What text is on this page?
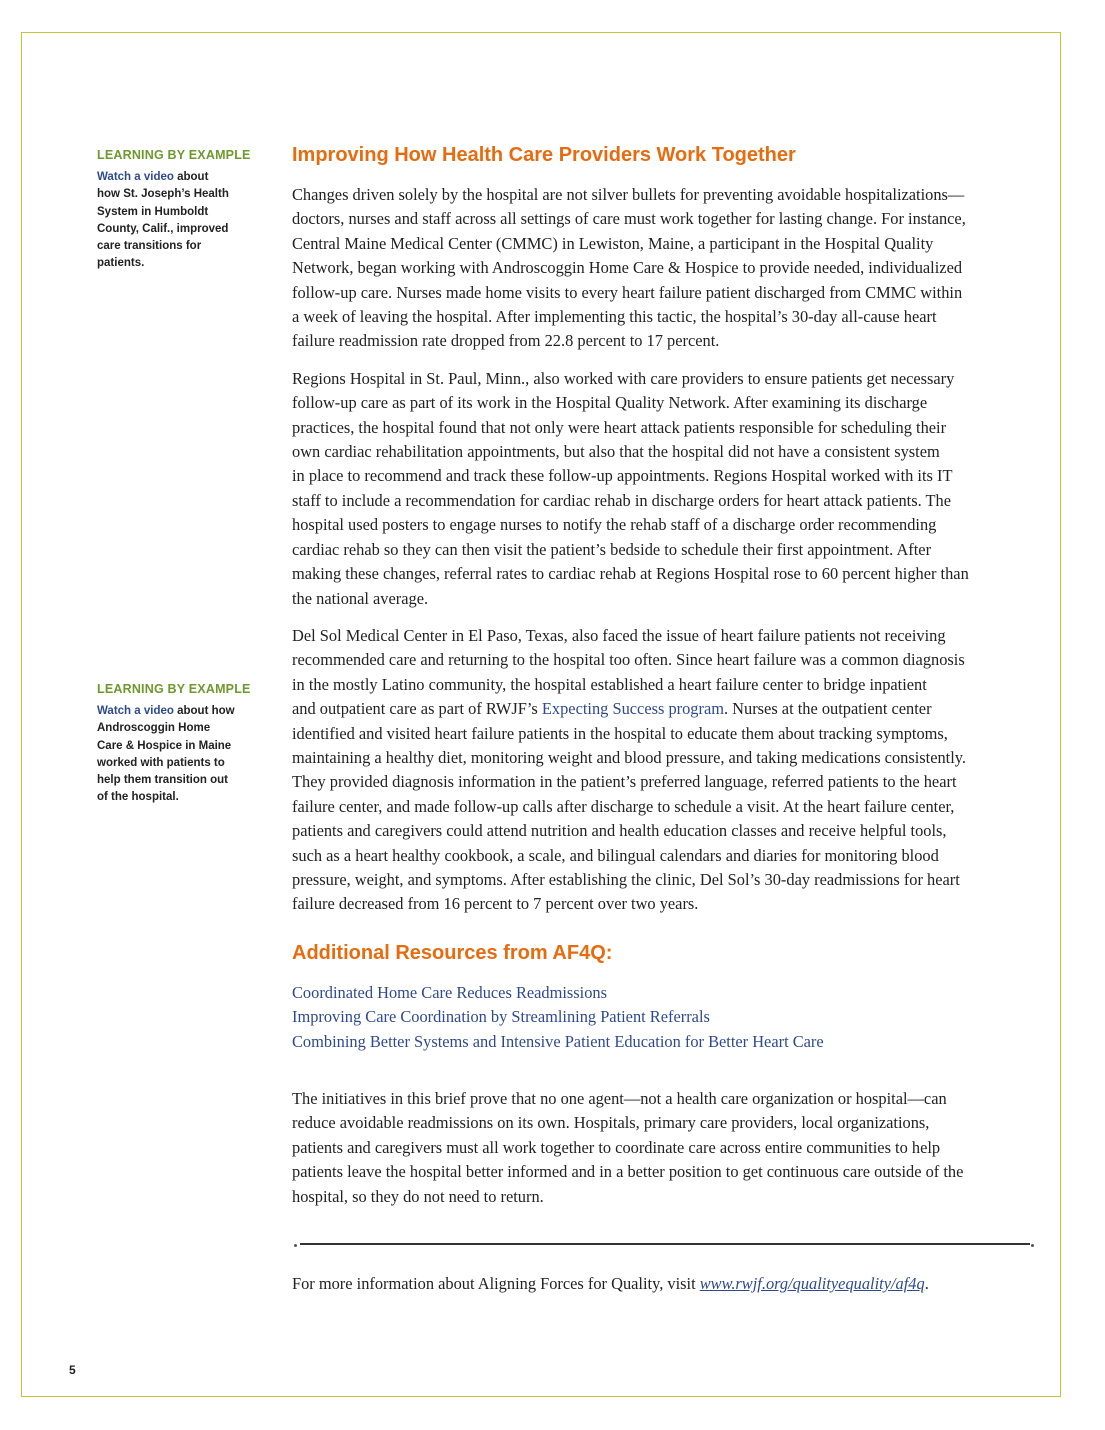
LEARNING BY EXAMPLE

Watch a video about
how St. Joseph’s Health
System in Humboldt
County, Calif., improved
care transitions for
patients.

LEARNING BY EXAMPLE

Watch a video about how
Androscoggin Home
Care & Hospice in Maine
worked with patients to
help them transition out
of the hospital.

Improving How Health Care Providers Work Together

Changes driven solely by the hospital are not silver bullets for preventing avoidable hospitalizations—
doctors, nurses and staff across all settings of care must work together for lasting change. For instance,
Central Maine Medical Center (CMMC) in Lewiston, Maine, a participant in the Hospital Quality
Network, began working with Androscoggin Home Care & Hospice to provide needed, individualized
follow-up care. Nurses made home visits to every heart failure patient discharged from CMMC within
a week of leaving the hospital. After implementing this tactic, the hospital’s 30-day all-cause heart
failure readmission rate dropped from 22.8 percent to 17 percent.

Regions Hospital in St. Paul, Minn., also worked with care providers to ensure patients get necessary
follow-up care as part of its work in the Hospital Quality Network. After examining its discharge
practices, the hospital found that not only were heart attack patients responsible for scheduling their
own cardiac rehabilitation appointments, but also that the hospital did not have a consistent system
in place to recommend and track these follow-up appointments. Regions Hospital worked with its IT
staff to include a recommendation for cardiac rehab in discharge orders for heart attack patients. The
hospital used posters to engage nurses to notify the rehab staff of a discharge order recommending
cardiac rehab so they can then visit the patient’s bedside to schedule their first appointment. After
making these changes, referral rates to cardiac rehab at Regions Hospital rose to 60 percent higher than
the national average.

Del Sol Medical Center in El Paso, Texas, also faced the issue of heart failure patients not receiving
recommended care and returning to the hospital too often. Since heart failure was a common diagnosis
in the mostly Latino community, the hospital established a heart failure center to bridge inpatient
and outpatient care as part of RWJF’s Expecting Success program. Nurses at the outpatient center
identified and visited heart failure patients in the hospital to educate them about tracking symptoms,
maintaining a healthy diet, monitoring weight and blood pressure, and taking medications consistently.
They provided diagnosis information in the patient’s preferred language, referred patients to the heart
failure center, and made follow-up calls after discharge to schedule a visit. At the heart failure center,
patients and caregivers could attend nutrition and health education classes and receive helpful tools,
such as a heart healthy cookbook, a scale, and bilingual calendars and diaries for monitoring blood
pressure, weight, and symptoms. After establishing the clinic, Del Sol’s 30-day readmissions for heart
failure decreased from 16 percent to 7 percent over two years.

Additional Resources from AF4Q:
Coordinated Home Care Reduces Readmissions
Improving Care Coordination by Streamlining Patient Referrals
Combining Better Systems and Intensive Patient Education for Better Heart Care

The initiatives in this brief prove that no one agent—not a health care organization or hospital—can
reduce avoidable readmissions on its own. Hospitals, primary care providers, local organizations,
patients and caregivers must all work together to coordinate care across entire communities to help
patients leave the hospital better informed and in a better position to get continuous care outside of the
hospital, so they do not need to return.

For more information about Aligning Forces for Quality, visit www.rwjf.org/qualityequality/af4q.

5
